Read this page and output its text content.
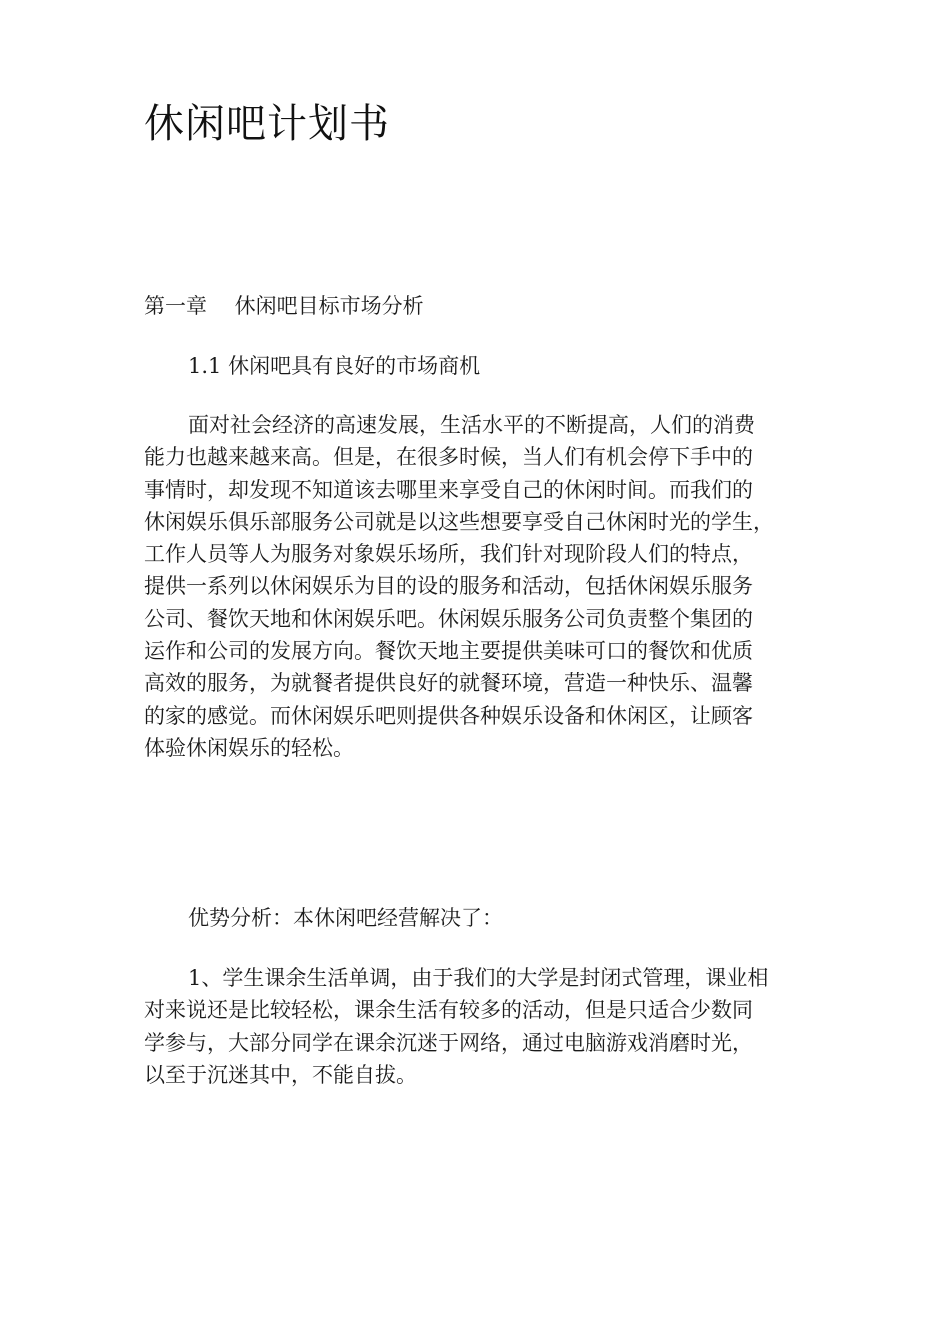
休闲吧计划书
第一章　 休闲吧目标市场分析
1.1 休闲吧具有良好的市场商机
面对社会经济的高速发展，生活水平的不断提高，人们的消费
能力也越来越来高。但是，在很多时候，当人们有机会停下手中的
事情时，却发现不知道该去哪里来享受自己的休闲时间。而我们的
休闲娱乐俱乐部服务公司就是以这些想要享受自己休闲时光的学生，
工作人员等人为服务对象娱乐场所，我们针对现阶段人们的特点，
提供一系列以休闲娱乐为目的设的服务和活动，包括休闲娱乐服务
公司、餐饮天地和休闲娱乐吧。休闲娱乐服务公司负责整个集团的
运作和公司的发展方向。餐饮天地主要提供美味可口的餐饮和优质
高效的服务，为就餐者提供良好的就餐环境，营造一种快乐、温馨
的家的感觉。而休闲娱乐吧则提供各种娱乐设备和休闲区，让顾客
体验休闲娱乐的轻松。
优势分析：本休闲吧经营解决了：
1、学生课余生活单调，由于我们的大学是封闭式管理，课业相
对来说还是比较轻松，课余生活有较多的活动，但是只适合少数同
学参与，大部分同学在课余沉迷于网络，通过电脑游戏消磨时光，
以至于沉迷其中，不能自拔。
